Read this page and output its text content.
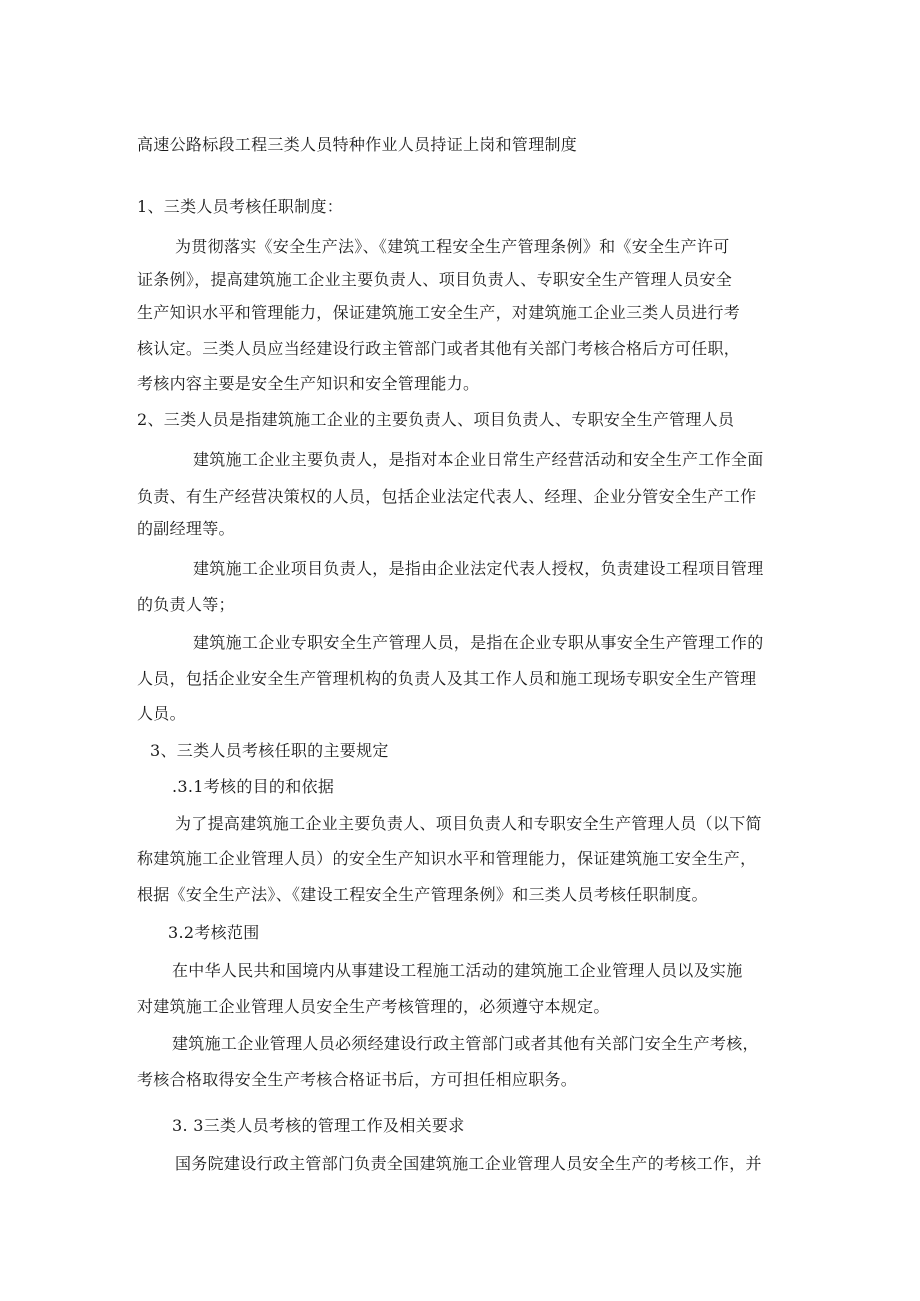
高速公路标段工程三类人员特种作业人员持证上岗和管理制度
1、三类人员考核任职制度：
为贯彻落实《安全生产法》、《建筑工程安全生产管理条例》和《安全生产许可
证条例》，提高建筑施工企业主要负责人、项目负责人、专职安全生产管理人员安全
生产知识水平和管理能力，保证建筑施工安全生产，对建筑施工企业三类人员进行考
核认定。三类人员应当经建设行政主管部门或者其他有关部门考核合格后方可任职，
考核内容主要是安全生产知识和安全管理能力。
2、三类人员是指建筑施工企业的主要负责人、项目负责人、专职安全生产管理人员
建筑施工企业主要负责人，是指对本企业日常生产经营活动和安全生产工作全面
负责、有生产经营决策权的人员，包括企业法定代表人、经理、企业分管安全生产工作
的副经理等。
建筑施工企业项目负责人，是指由企业法定代表人授权，负责建设工程项目管理
的负责人等；
建筑施工企业专职安全生产管理人员，是指在企业专职从事安全生产管理工作的
人员，包括企业安全生产管理机构的负责人及其工作人员和施工现场专职安全生产管理
人员。
3、三类人员考核任职的主要规定
.3.1考核的目的和依据
为了提高建筑施工企业主要负责人、项目负责人和专职安全生产管理人员（以下简
称建筑施工企业管理人员）的安全生产知识水平和管理能力，保证建筑施工安全生产，
根据《安全生产法》、《建设工程安全生产管理条例》和三类人员考核任职制度。
3.2考核范围
在中华人民共和国境内从事建设工程施工活动的建筑施工企业管理人员以及实施
对建筑施工企业管理人员安全生产考核管理的，必须遵守本规定。
建筑施工企业管理人员必须经建设行政主管部门或者其他有关部门安全生产考核，
考核合格取得安全生产考核合格证书后，方可担任相应职务。
3. 3三类人员考核的管理工作及相关要求
国务院建设行政主管部门负责全国建筑施工企业管理人员安全生产的考核工作，并
